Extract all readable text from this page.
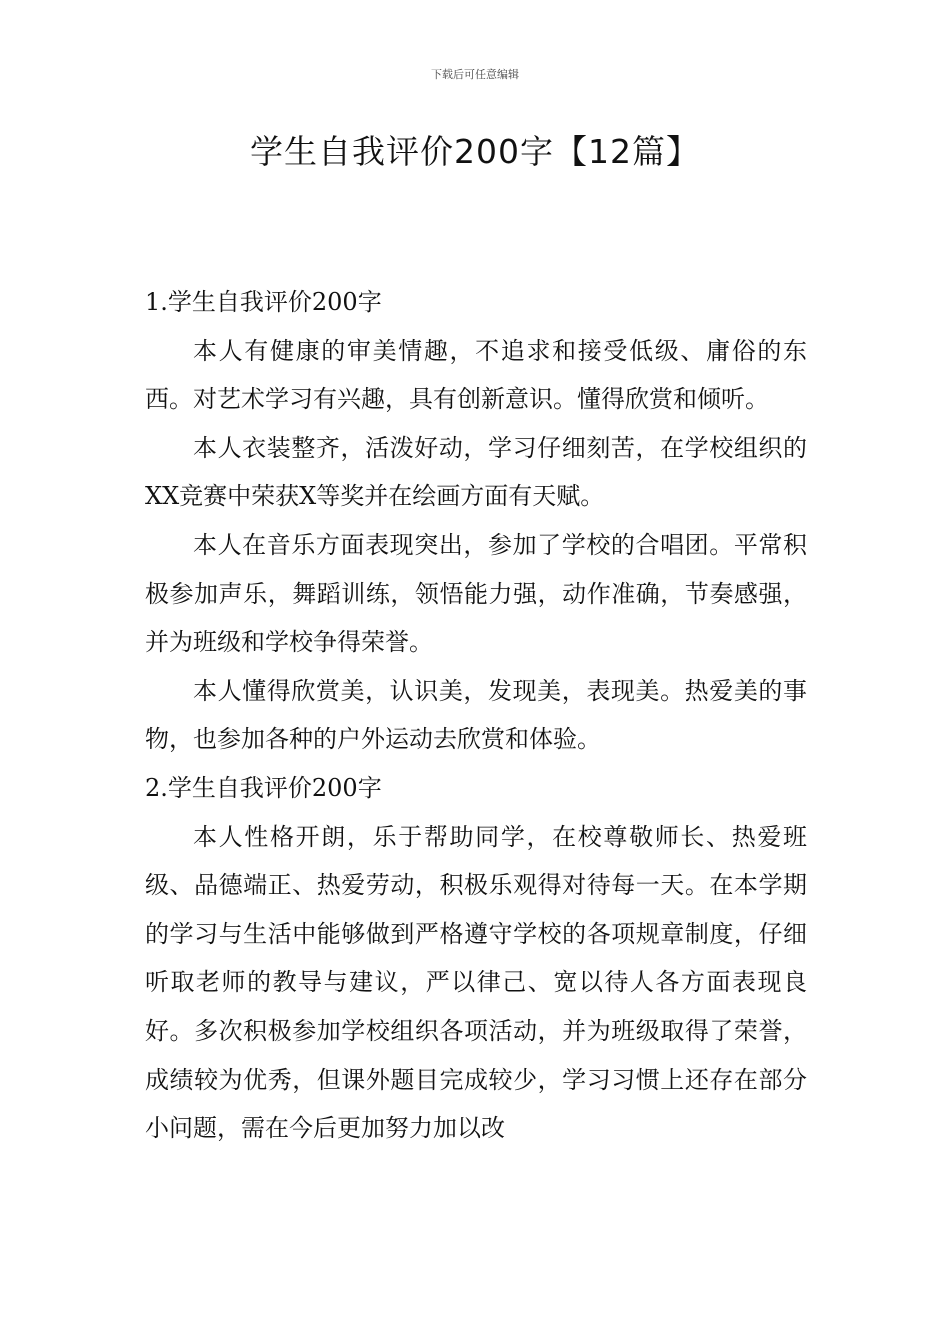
下载后可任意编辑
学生自我评价200字【12篇】
1.学生自我评价200字

本人有健康的审美情趣，不追求和接受低级、庸俗的东西。对艺术学习有兴趣，具有创新意识。懂得欣赏和倾听。

本人衣装整齐，活泼好动，学习仔细刻苦，在学校组织的XX竞赛中荣获X等奖并在绘画方面有天赋。

本人在音乐方面表现突出，参加了学校的合唱团。平常积极参加声乐，舞蹈训练，领悟能力强，动作准确，节奏感强，并为班级和学校争得荣誉。

本人懂得欣赏美，认识美，发现美，表现美。热爱美的事物，也参加各种的户外运动去欣赏和体验。

2.学生自我评价200字

本人性格开朗，乐于帮助同学，在校尊敬师长、热爱班级、品德端正、热爱劳动，积极乐观得对待每一天。在本学期的学习与生活中能够做到严格遵守学校的各项规章制度，仔细听取老师的教导与建议，严以律己、宽以待人各方面表现良好。多次积极参加学校组织各项活动，并为班级取得了荣誉，成绩较为优秀，但课外题目完成较少，学习习惯上还存在部分小问题，需在今后更加努力加以改
